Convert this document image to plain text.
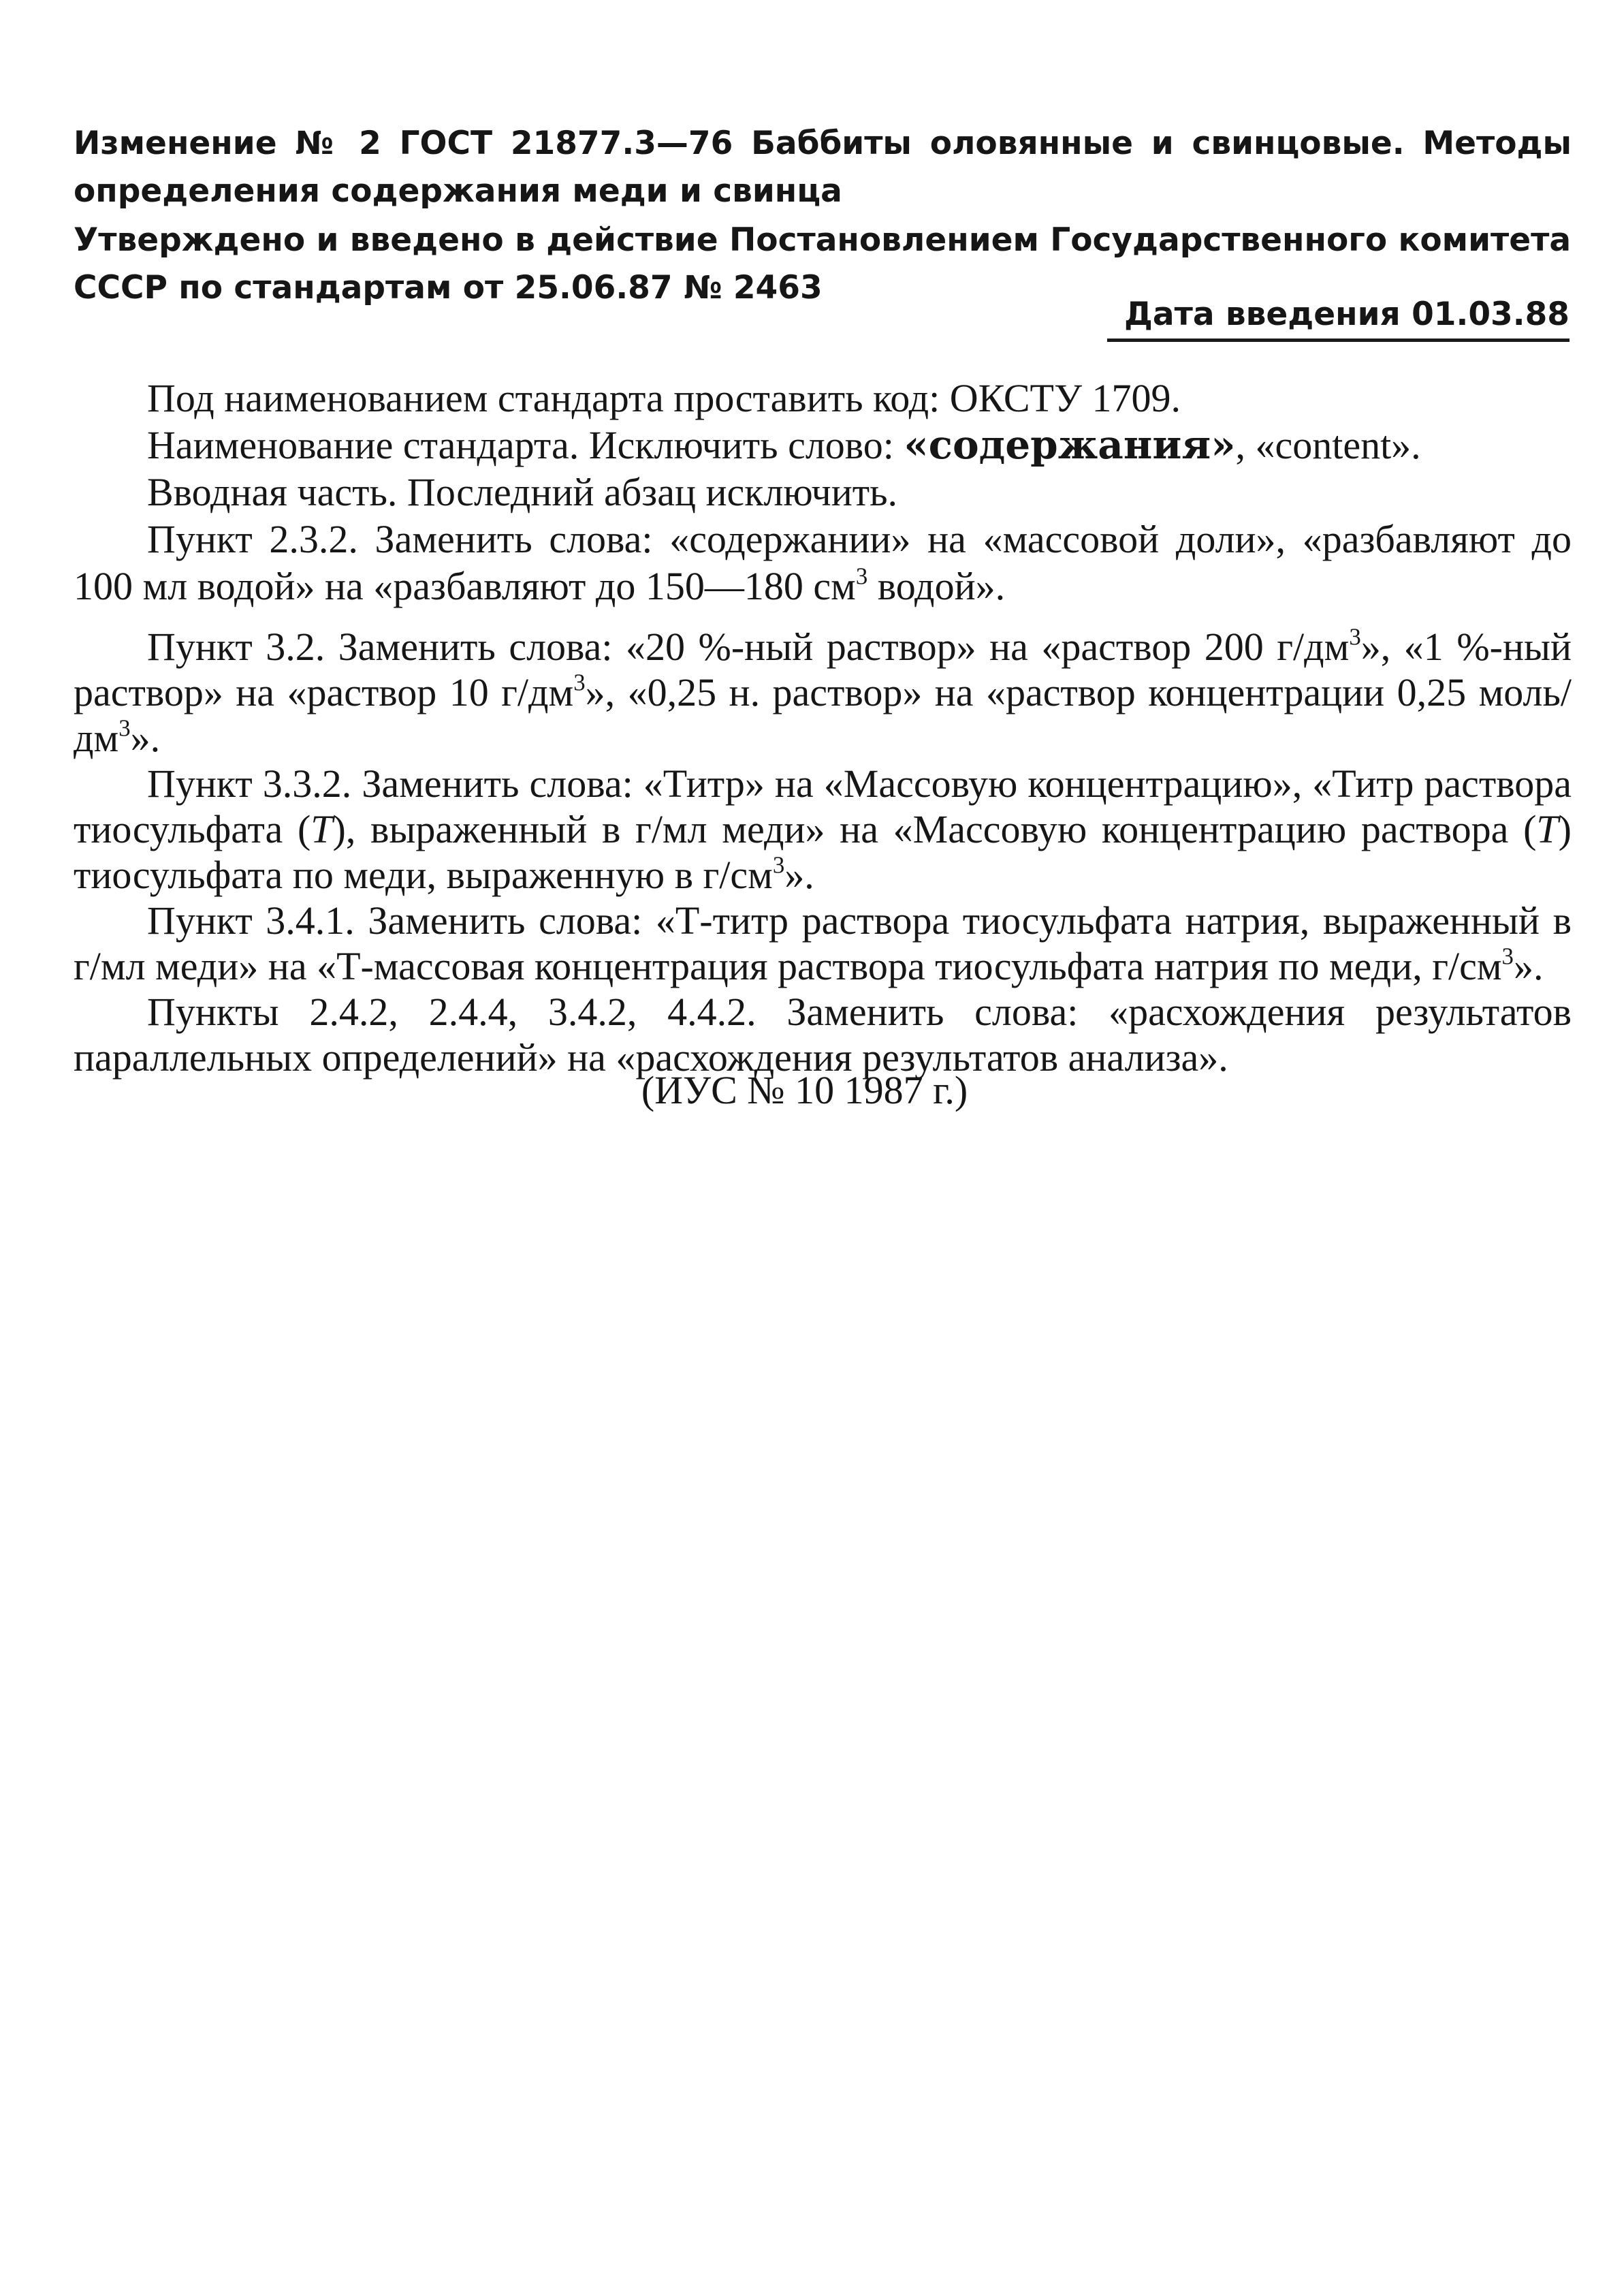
Изменение № 2 ГОСТ 21877.3—76 Баббиты оловянные и свинцовые. Методы определения содержания меди и свинца
Утверждено и введено в действие Постановлением Государственного комитета
СССР по стандартам от 25.06.87 № 2463
Дата введения 01.03.88

Под наименованием стандарта проставить код: ОКСТУ 1709.

Наименование стандарта. Исключить слово: «содержания», «content».

Вводная часть. Последний абзац исключить.

Пункт 2.3.2. Заменить слова: «содержании» на «массовой доли», «разбавляют до 100 мл водой» на «разбавляют до 150—180 $см^3$ водой».

Пункт 3.2. Заменить слова: «20 %-ный раствор» на «раствор 200 $г/дм^3$», «1 %-ный раствор» на «раствор 10 $г/дм^3$», «0,25 н. раствор» на «раствор концентрации 0,25 моль/$дм^3$».

Пункт 3.3.2. Заменить слова: «Титр» на «Массовую концентрацию», «Титр раствора тиосульфата (T), выраженный в г/мл меди» на «Массовую концентрацию раствора (T) тиосульфата по меди, выраженную в $г/см^3$».

Пункт 3.4.1. Заменить слова: «Т-титр раствора тиосульфата натрия, выраженный в г/мл меди» на «Т-массовая концентрация раствора тиосульфата натрия по меди, $г/см^3$».

Пункты 2.4.2, 2.4.4, 3.4.2, 4.4.2. Заменить слова: «расхождения результатов параллельных определений» на «расхождения результатов анализа».

(ИУС № 10 1987 г.)
